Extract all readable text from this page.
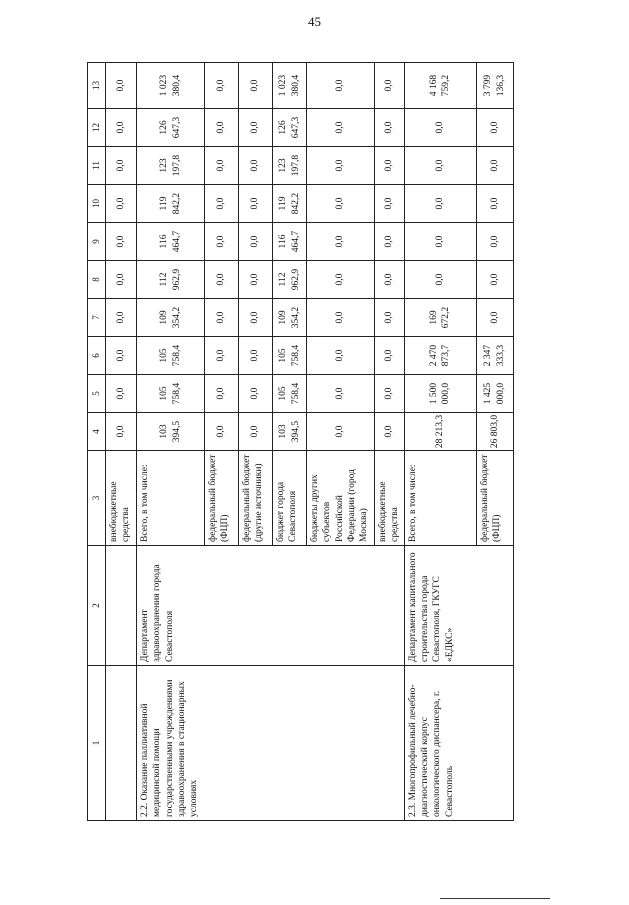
45
1	2	3	4	5	6	7	8	9	10	11	12	13
		внебюджетные средства	0,0	0,0	0,0	0,0	0,0	0,0	0,0	0,0	0,0	0,0
2.2. Оказание паллиативной медицинской помощи государственными учреждениями здравоохранения в стационарных условиях	Департамент здравоохранения города Севастополя	Всего, в том числе:	103 394,5	105 758,4	105 758,4	109 354,2	112 962,9	116 464,7	119 842,2	123 197,8	126 647,3	1 023 380,4
		федеральный бюджет (ФЦП)	0,0	0,0	0,0	0,0	0,0	0,0	0,0	0,0	0,0	0,0
		федеральный бюджет (другие источники)	0,0	0,0	0,0	0,0	0,0	0,0	0,0	0,0	0,0	0,0
		бюджет города Севастополя	103 394,5	105 758,4	105 758,4	109 354,2	112 962,9	116 464,7	119 842,2	123 197,8	126 647,3	1 023 380,4
		бюджеты других субъектов Российской Федерации (город Москва)	0,0	0,0	0,0	0,0	0,0	0,0	0,0	0,0	0,0	0,0
		внебюджетные средства	0,0	0,0	0,0	0,0	0,0	0,0	0,0	0,0	0,0	0,0
2.3. Многопрофильный лечебно-диагностический корпус онкологического диспансера, г. Севастополь	Департамент капитального строительства города Севастополя, ГКУГС «ЕДКС»	Всего, в том числе:	28 213,3	1 500 000,0	2 470 873,7	169 672,2	0,0	0,0	0,0	0,0	0,0	4 168 759,2
		федеральный бюджет (ФЦП)	26 803,0	1 425 000,0	2 347 333,3	0,0	0,0	0,0	0,0	0,0	0,0	3 799 136,3
